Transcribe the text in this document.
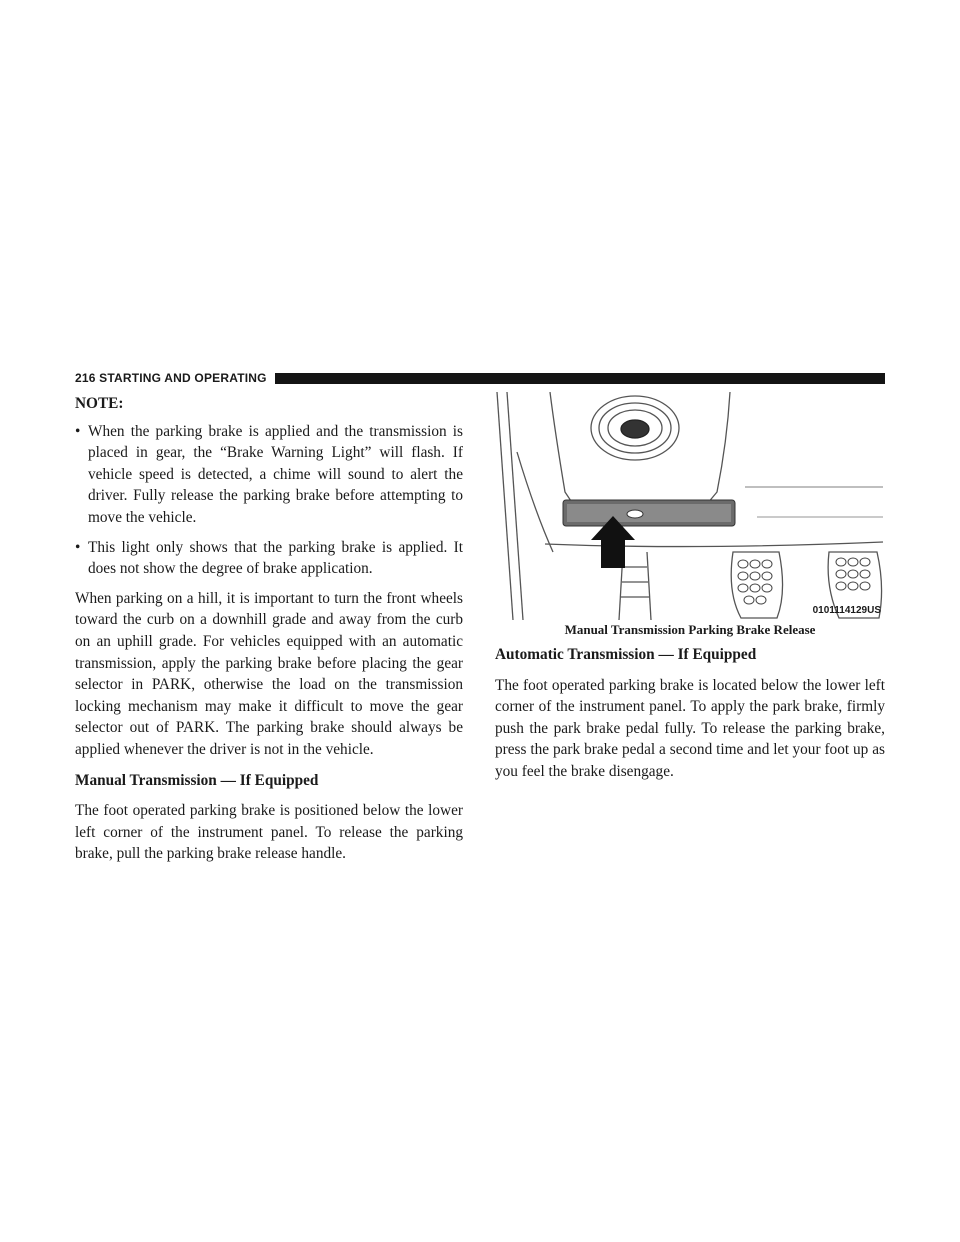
216 STARTING AND OPERATING

NOTE:

• When the parking brake is applied and the transmission is placed in gear, the “Brake Warning Light” will flash. If vehicle speed is detected, a chime will sound to alert the driver. Fully release the parking brake before attempting to move the vehicle.
• This light only shows that the parking brake is applied. It does not show the degree of brake application.

When parking on a hill, it is important to turn the front wheels toward the curb on a downhill grade and away from the curb on an uphill grade. For vehicles equipped with an automatic transmission, apply the parking brake before placing the gear selector in PARK, otherwise the load on the transmission locking mechanism may make it difficult to move the gear selector out of PARK. The parking brake should always be applied whenever the driver is not in the vehicle.

Manual Transmission — If Equipped

The foot operated parking brake is positioned below the lower left corner of the instrument panel. To release the parking brake, pull the parking brake release handle.

0101114129US
Manual Transmission Parking Brake Release

Automatic Transmission — If Equipped

The foot operated parking brake is located below the lower left corner of the instrument panel. To apply the park brake, firmly push the park brake pedal fully. To release the parking brake, press the park brake pedal a second time and let your foot up as you feel the brake disengage.
